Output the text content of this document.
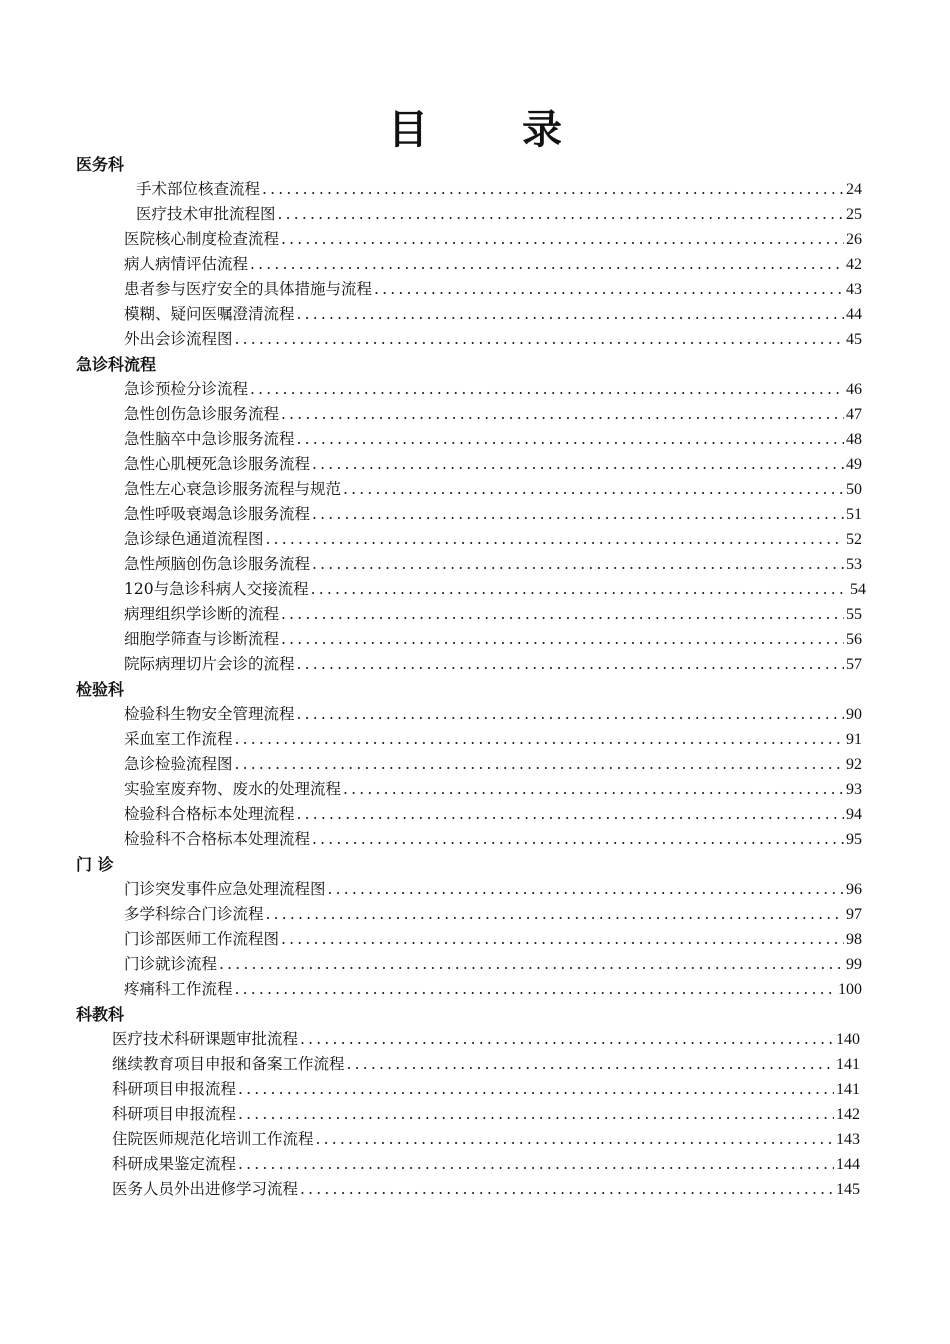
目 录
医务科
手术部位核查流程 .....	24
医疗技术审批流程图 .....	25
医院核心制度检查流程 .....	26
病人病情评估流程 .....	42
患者参与医疗安全的具体措施与流程 .....	43
模糊、疑问医嘱澄清流程 .....	44
外出会诊流程图 .....	45
急诊科流程
急诊预检分诊流程 .....	46
急性创伤急诊服务流程 .....	47
急性脑卒中急诊服务流程 .....	48
急性心肌梗死急诊服务流程 .....	49
急性左心衰急诊服务流程与规范 .....	50
急性呼吸衰竭急诊服务流程 .....	51
急诊绿色通道流程图 .....	52
急性颅脑创伤急诊服务流程 .....	53
120与急诊科病人交接流程 .....	54
病理组织学诊断的流程 .....	55
细胞学筛查与诊断流程 .....	56
院际病理切片会诊的流程 .....	57
检验科
检验科生物安全管理流程 .....	90
采血室工作流程 .....	91
急诊检验流程图 .....	92
实验室废弃物、废水的处理流程 .....	93
检验科合格标本处理流程 .....	94
检验科不合格标本处理流程 .....	95
门 诊
门诊突发事件应急处理流程图 .....	96
多学科综合门诊流程 .....	97
门诊部医师工作流程图 .....	98
门诊就诊流程 .....	99
疼痛科工作流程 .....	100
科教科
医疗技术科研课题审批流程 .....	140
继续教育项目申报和备案工作流程 .....	141
科研项目申报流程 .....	141
科研项目申报流程 .....	142
住院医师规范化培训工作流程 .....	143
科研成果鉴定流程 .....	144
医务人员外出进修学习流程 .....	145
